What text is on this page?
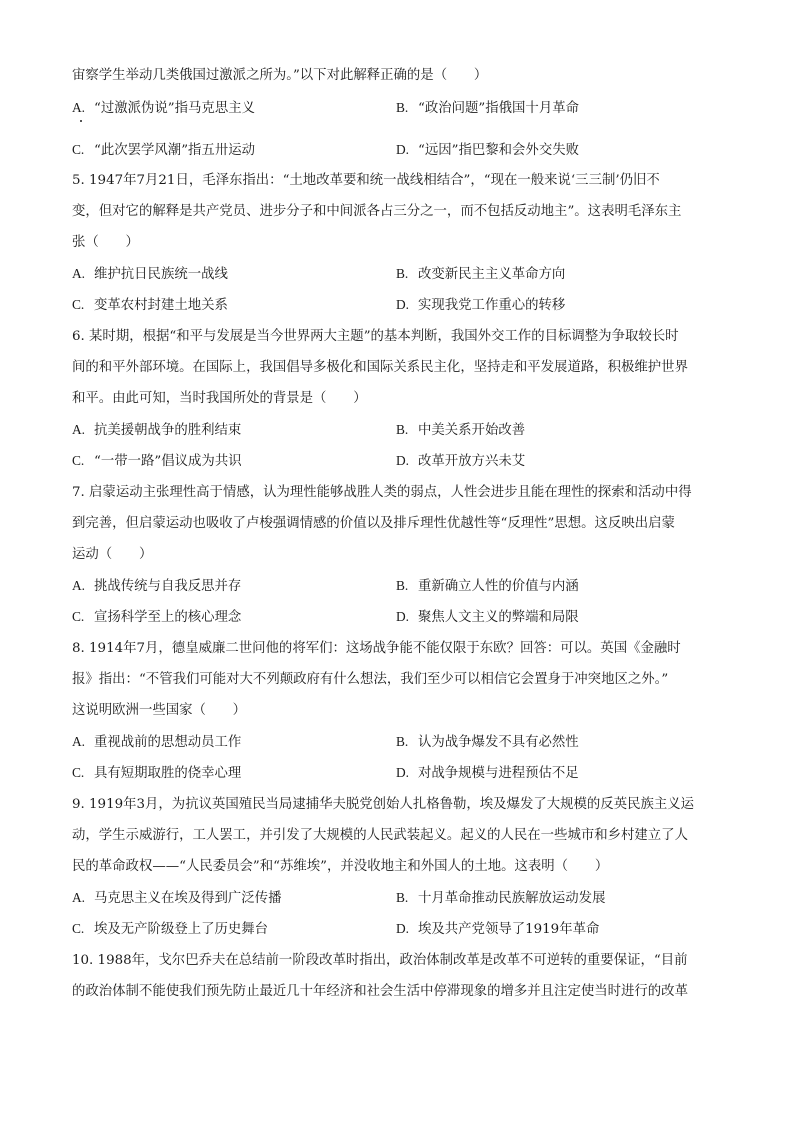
宙察学生举动几类俄国过激派之所为。”以下对此解释正确的是（　　）
A. “过激派伪说”指马克思主义	B. “政治问题”指俄国十月革命
C. “此次罢学风潮”指五卅运动	D. “远因”指巴黎和会外交失败
5. 1947年7月21日，毛泽东指出：“土地改革要和统一战线相结合”，“现在一般来说‘三三制’仍旧不
变，但对它的解释是共产党员、进步分子和中间派各占三分之一，而不包括反动地主”。这表明毛泽东主
张（　　）
A. 维护抗日民族统一战线	B. 改变新民主主义革命方向
C. 变革农村封建土地关系	D. 实现我党工作重心的转移
6. 某时期，根据“和平与发展是当今世界两大主题”的基本判断，我国外交工作的目标调整为争取较长时
间的和平外部环境。在国际上，我国倡导多极化和国际关系民主化，坚持走和平发展道路，积极维护世界
和平。由此可知，当时我国所处的背景是（　　）
A. 抗美援朝战争的胜利结束	B. 中美关系开始改善
C. “一带一路”倡议成为共识	D. 改革开放方兴未艾
7. 启蒙运动主张理性高于情感，认为理性能够战胜人类的弱点，人性会进步且能在理性的探索和活动中得
到完善，但启蒙运动也吸收了卢梭强调情感的价值以及排斥理性优越性等“反理性”思想。这反映出启蒙
运动（　　）
A. 挑战传统与自我反思并存	B. 重新确立人性的价值与内涵
C. 宣扬科学至上的核心理念	D. 聚焦人文主义的弊端和局限
8. 1914年7月，德皇威廉二世问他的将军们：这场战争能不能仅限于东欧？回答：可以。英国《金融时
报》指出：“不管我们可能对大不列颠政府有什么想法，我们至少可以相信它会置身于冲突地区之外。”
这说明欧洲一些国家（　　）
A. 重视战前的思想动员工作	B. 认为战争爆发不具有必然性
C. 具有短期取胜的侥幸心理	D. 对战争规模与进程预估不足
9. 1919年3月，为抗议英国殖民当局逮捕华夫脱党创始人扎格鲁勒，埃及爆发了大规模的反英民族主义运
动，学生示威游行，工人罢工，并引发了大规模的人民武装起义。起义的人民在一些城市和乡村建立了人
民的革命政权——“人民委员会”和“苏维埃”，并没收地主和外国人的土地。这表明（　　）
A. 马克思主义在埃及得到广泛传播	B. 十月革命推动民族解放运动发展
C. 埃及无产阶级登上了历史舞台	D. 埃及共产党领导了1919年革命
10. 1988年，戈尔巴乔夫在总结前一阶段改革时指出，政治体制改革是改革不可逆转的重要保证，“目前
的政治体制不能使我们预先防止最近几十年经济和社会生活中停滞现象的增多并且注定使当时进行的改革
